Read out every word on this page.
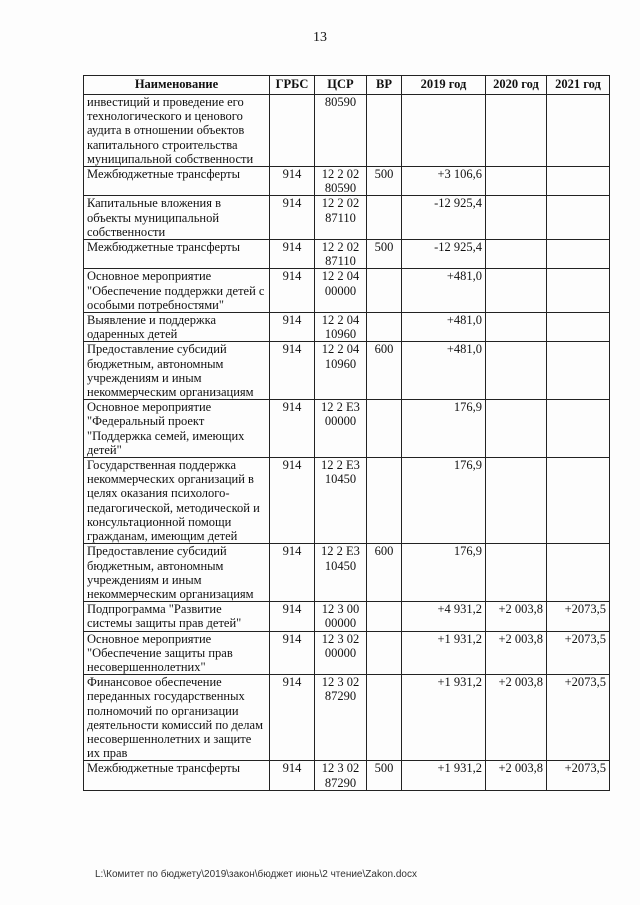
13
Наименование	ГРБС	ЦСР	ВР	2019 год	2020 год	2021 год
инвестиций и проведение его технологического и ценового аудита в отношении объектов капитального строительства муниципальной собственности		80590				
Межбюджетные трансферты	914	12 2 02 80590	500	+3 106,6		
Капитальные вложения в объекты муниципальной собственности	914	12 2 02 87110		-12 925,4		
Межбюджетные трансферты	914	12 2 02 87110	500	-12 925,4		
Основное мероприятие "Обеспечение поддержки детей с особыми потребностями"	914	12 2 04 00000		+481,0		
Выявление и поддержка одаренных детей	914	12 2 04 10960		+481,0		
Предоставление субсидий бюджетным, автономным учреждениям и иным некоммерческим организациям	914	12 2 04 10960	600	+481,0		
Основное мероприятие "Федеральный проект "Поддержка семей, имеющих детей"	914	12 2 Е3 00000		176,9		
Государственная поддержка некоммерческих организаций в целях оказания психолого-педагогической, методической и консультационной помощи гражданам, имеющим детей	914	12 2 Е3 10450		176,9		
Предоставление субсидий бюджетным, автономным учреждениям и иным некоммерческим организациям	914	12 2 Е3 10450	600	176,9		
Подпрограмма "Развитие системы защиты прав детей"	914	12 3 00 00000		+4 931,2	+2 003,8	+2073,5
Основное мероприятие "Обеспечение защиты прав несовершеннолетних"	914	12 3 02 00000		+1 931,2	+2 003,8	+2073,5
Финансовое обеспечение переданных государственных полномочий по организации деятельности комиссий по делам несовершеннолетних и защите их прав	914	12 3 02 87290		+1 931,2	+2 003,8	+2073,5
Межбюджетные трансферты	914	12 3 02 87290	500	+1 931,2	+2 003,8	+2073,5
L:\Комитет по бюджету\2019\закон\бюджет июнь\2 чтение\Zakon.docx
